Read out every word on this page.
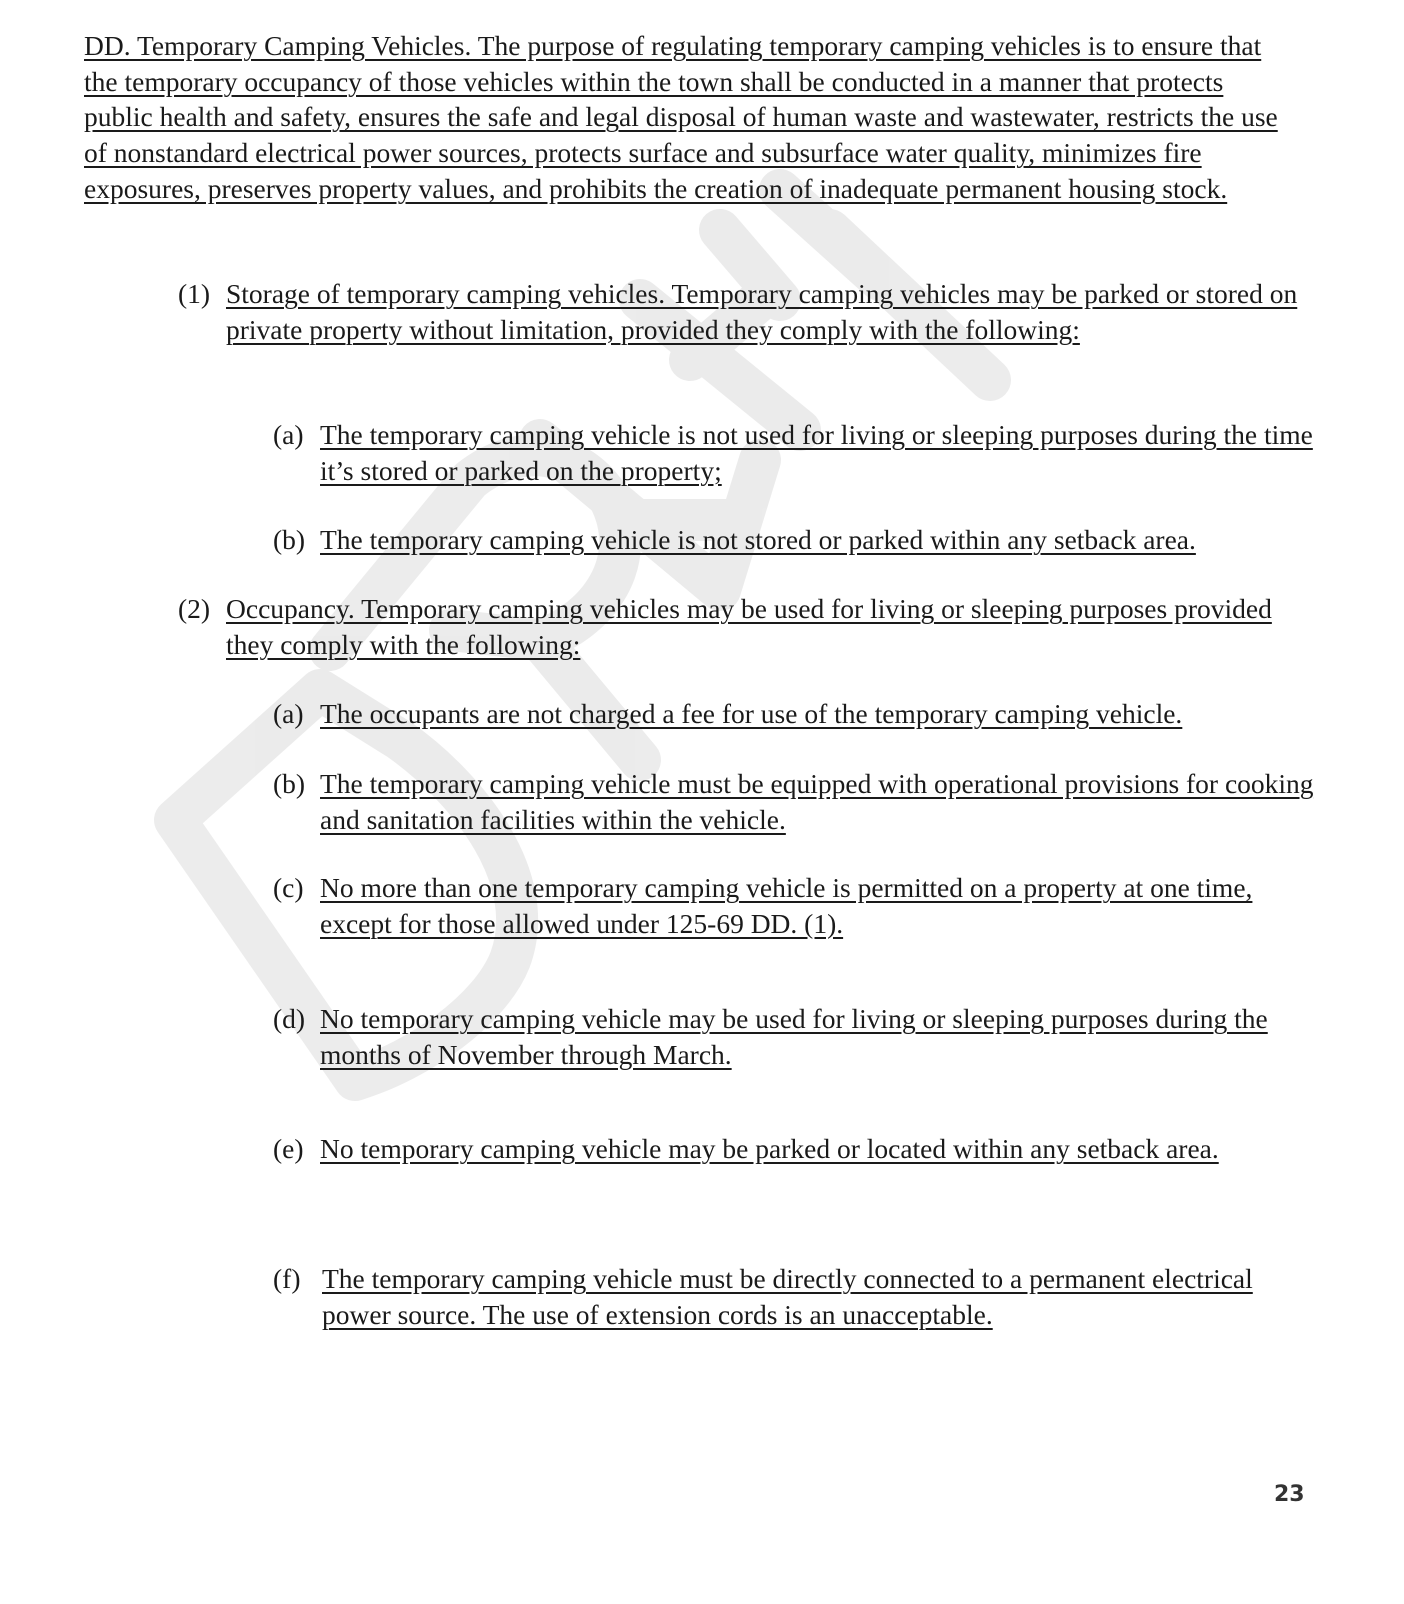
DD. Temporary Camping Vehicles. The purpose of regulating temporary camping vehicles is to ensure that the temporary occupancy of those vehicles within the town shall be conducted in a manner that protects public health and safety, ensures the safe and legal disposal of human waste and wastewater, restricts the use of nonstandard electrical power sources, protects surface and subsurface water quality, minimizes fire exposures, preserves property values, and prohibits the creation of inadequate permanent housing stock.

(1) Storage of temporary camping vehicles. Temporary camping vehicles may be parked or stored on private property without limitation, provided they comply with the following:
(a) The temporary camping vehicle is not used for living or sleeping purposes during the time it’s stored or parked on the property;
(b) The temporary camping vehicle is not stored or parked within any setback area.
(2) Occupancy. Temporary camping vehicles may be used for living or sleeping purposes provided they comply with the following:
(a) The occupants are not charged a fee for use of the temporary camping vehicle.
(b) The temporary camping vehicle must be equipped with operational provisions for cooking and sanitation facilities within the vehicle.
(c) No more than one temporary camping vehicle is permitted on a property at one time, except for those allowed under 125-69 DD. (1).
(d) No temporary camping vehicle may be used for living or sleeping purposes during the months of November through March.
(e) No temporary camping vehicle may be parked or located within any setback area.
(f) The temporary camping vehicle must be directly connected to a permanent electrical power source. The use of extension cords is an unacceptable.
23
